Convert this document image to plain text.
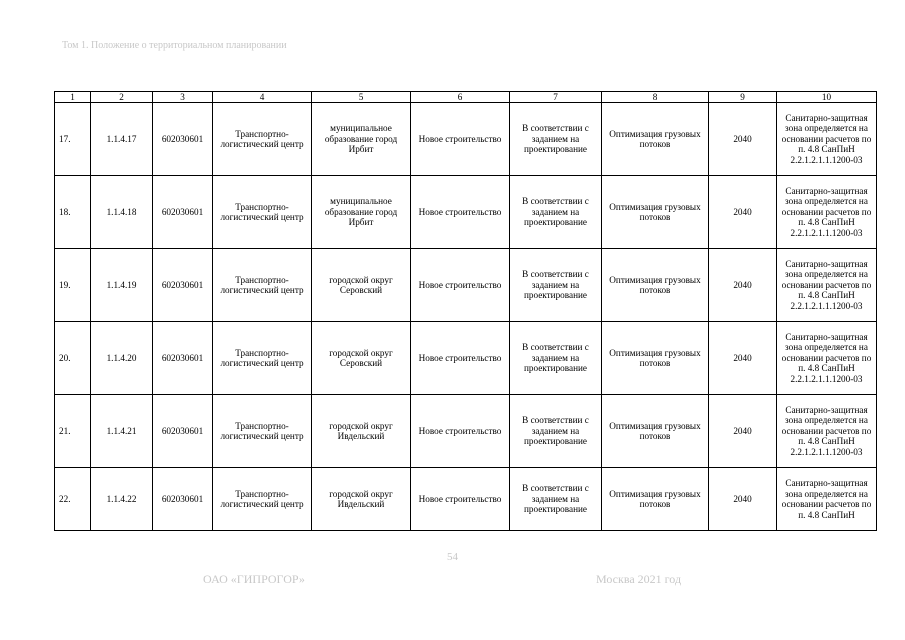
Том 1. Положение о территориальном планировании
1	2	3	4	5	6	7	8	9	10
17.	1.1.4.17	602030601	Транспортно-логистический центр	муниципальное образование город Ирбит	Новое строительство	В соответствии с заданием на проектирование	Оптимизация грузовых потоков	2040	Санитарно-защитная зона определяется на основании расчетов по п. 4.8 СанПиН 2.2.1.2.1.1.1200-03
18.	1.1.4.18	602030601	Транспортно-логистический центр	муниципальное образование город Ирбит	Новое строительство	В соответствии с заданием на проектирование	Оптимизация грузовых потоков	2040	Санитарно-защитная зона определяется на основании расчетов по п. 4.8 СанПиН 2.2.1.2.1.1.1200-03
19.	1.1.4.19	602030601	Транспортно-логистический центр	городской округ Серовский	Новое строительство	В соответствии с заданием на проектирование	Оптимизация грузовых потоков	2040	Санитарно-защитная зона определяется на основании расчетов по п. 4.8 СанПиН 2.2.1.2.1.1.1200-03
20.	1.1.4.20	602030601	Транспортно-логистический центр	городской округ Серовский	Новое строительство	В соответствии с заданием на проектирование	Оптимизация грузовых потоков	2040	Санитарно-защитная зона определяется на основании расчетов по п. 4.8 СанПиН 2.2.1.2.1.1.1200-03
21.	1.1.4.21	602030601	Транспортно-логистический центр	городской округ Ивдельский	Новое строительство	В соответствии с заданием на проектирование	Оптимизация грузовых потоков	2040	Санитарно-защитная зона определяется на основании расчетов по п. 4.8 СанПиН 2.2.1.2.1.1.1200-03
22.	1.1.4.22	602030601	Транспортно-логистический центр	городской округ Ивдельский	Новое строительство	В соответствии с заданием на проектирование	Оптимизация грузовых потоков	2040	Санитарно-защитная зона определяется на основании расчетов по п. 4.8 СанПиН
54
ОАО «ГИПРОГОР»	Москва 2021 год
